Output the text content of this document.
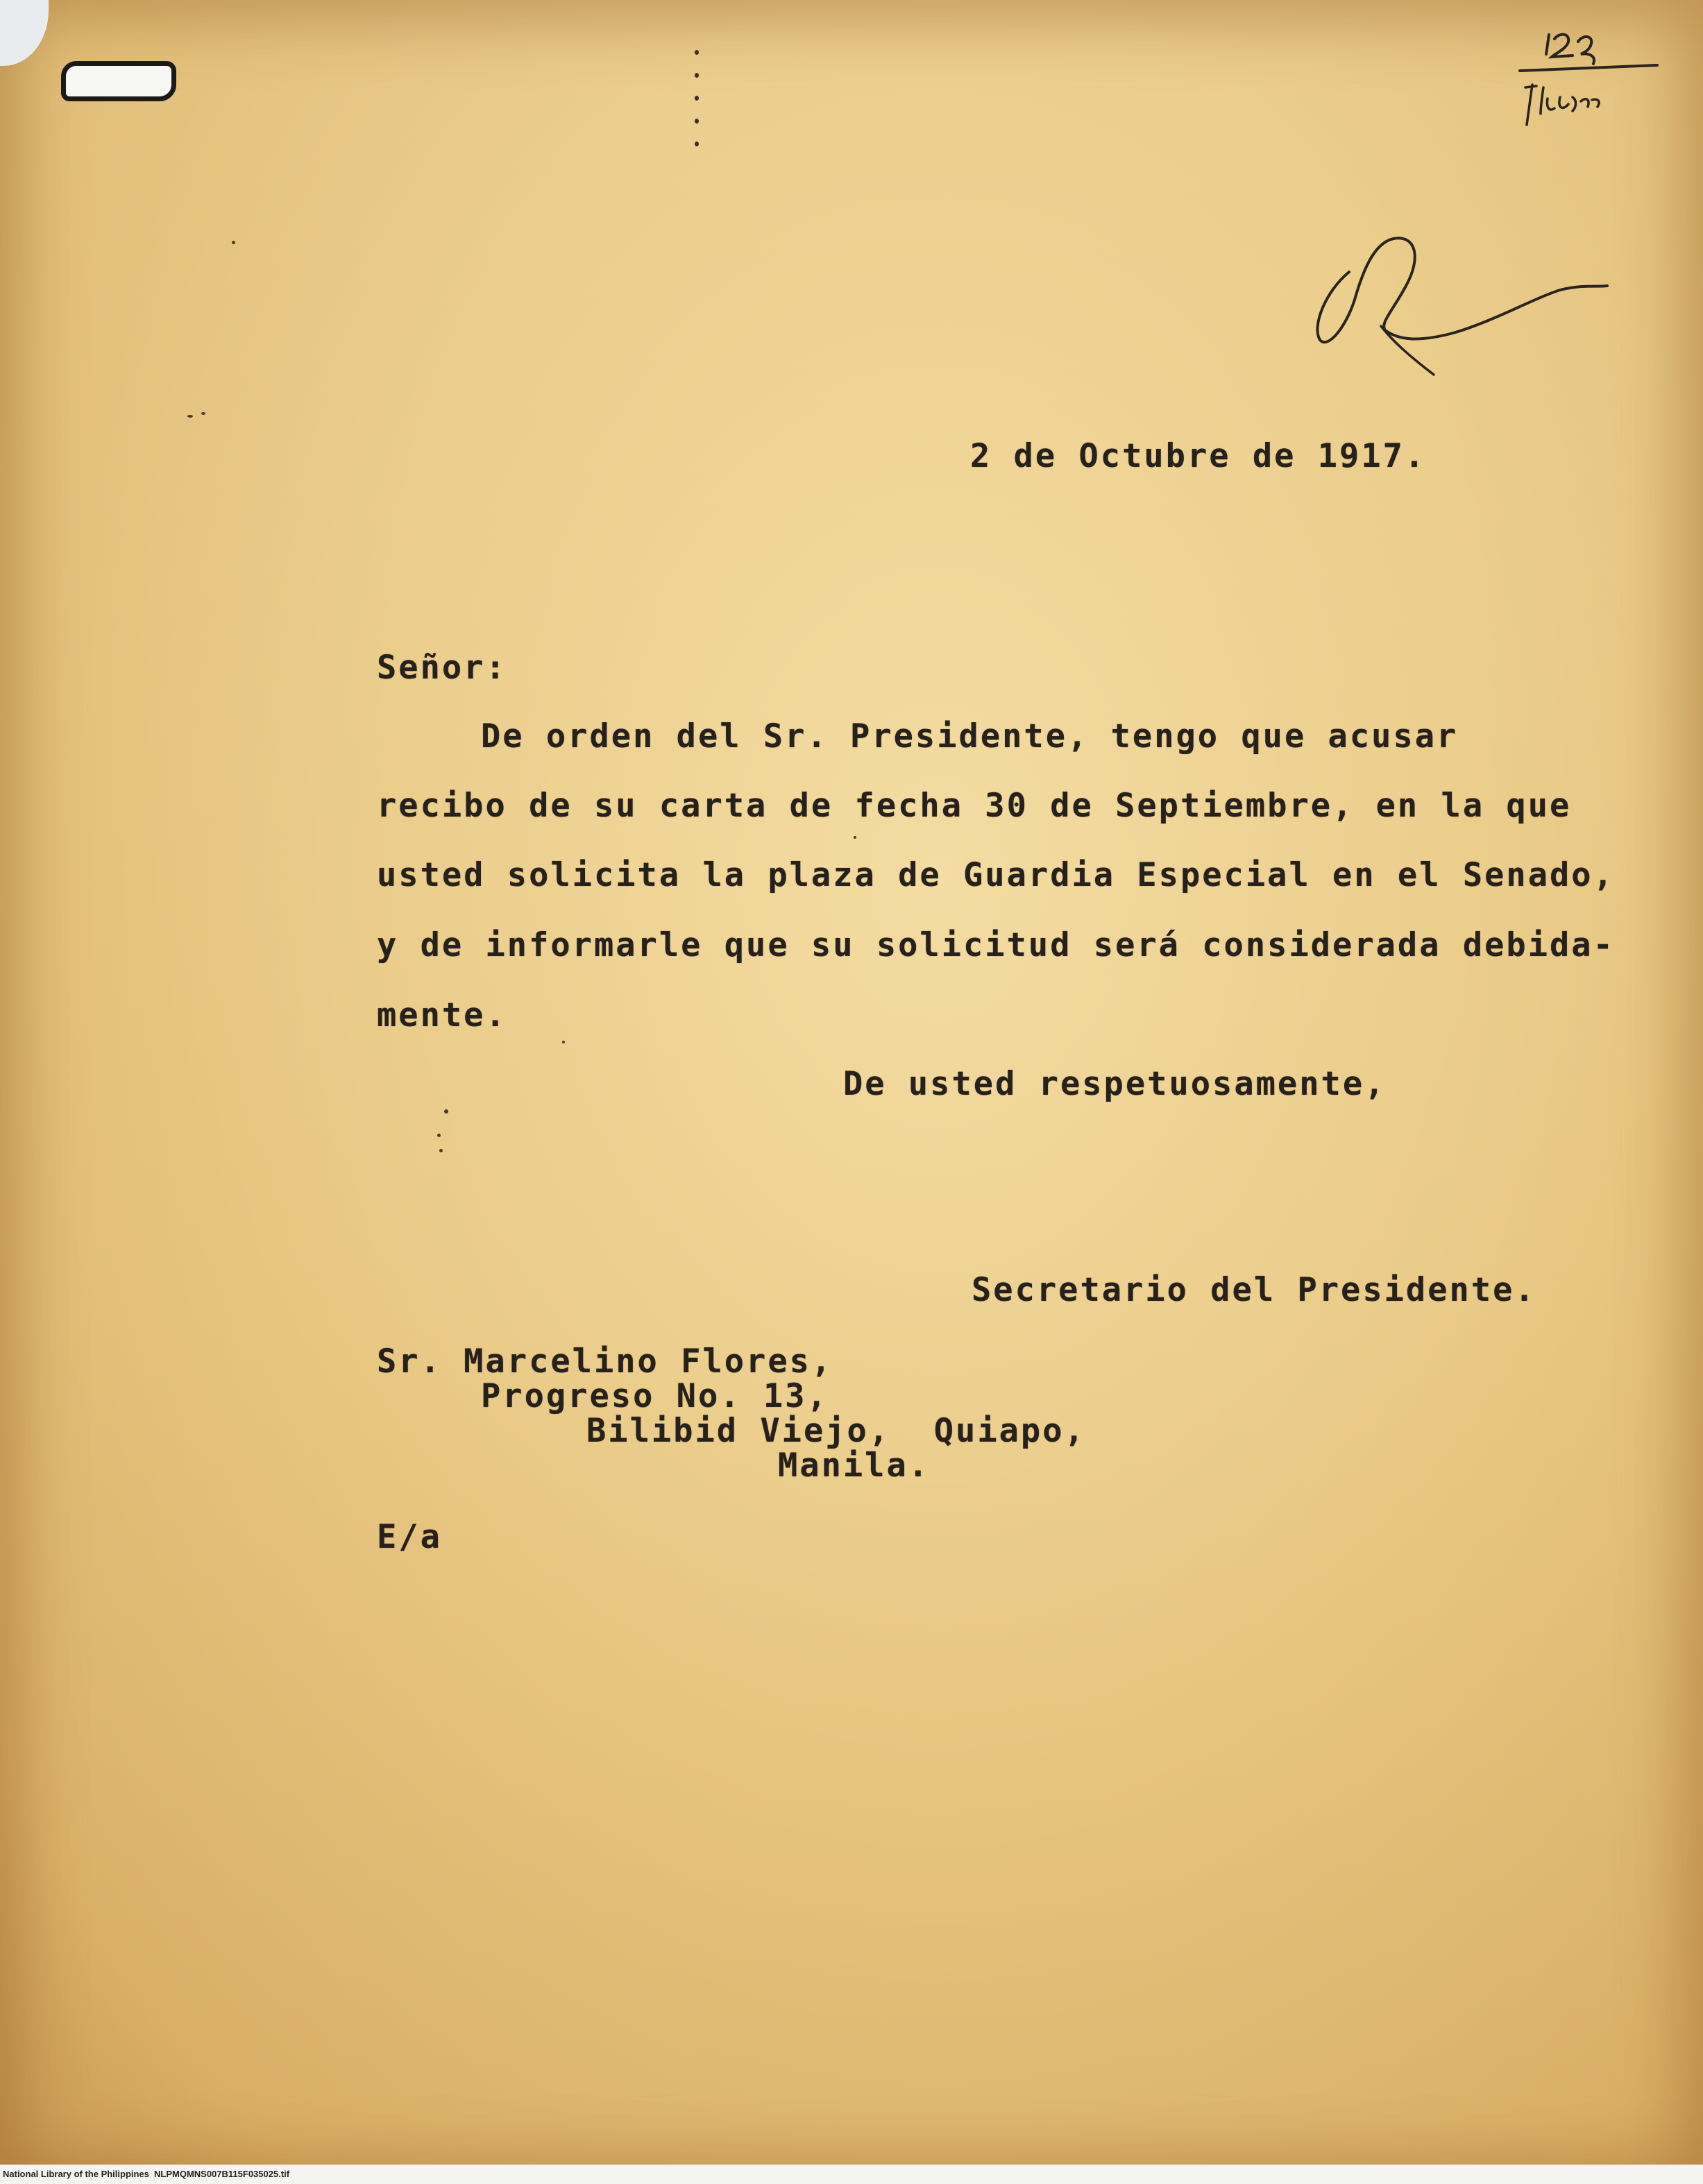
2 de Octubre de 1917.
Señor:
De orden del Sr. Presidente, tengo que acusar
recibo de su carta de fecha 30 de Septiembre, en la que
usted solicita la plaza de Guardia Especial en el Senado,
y de informarle que su solicitud será considerada debida-
mente.
De usted respetuosamente,
Secretario del Presidente.
Sr. Marcelino Flores,
Progreso No. 13,
Bilibid Viejo,  Quiapo,
Manila.
E/a
National Library of the Philippines NLPMQMNS007B115F035025.tif
